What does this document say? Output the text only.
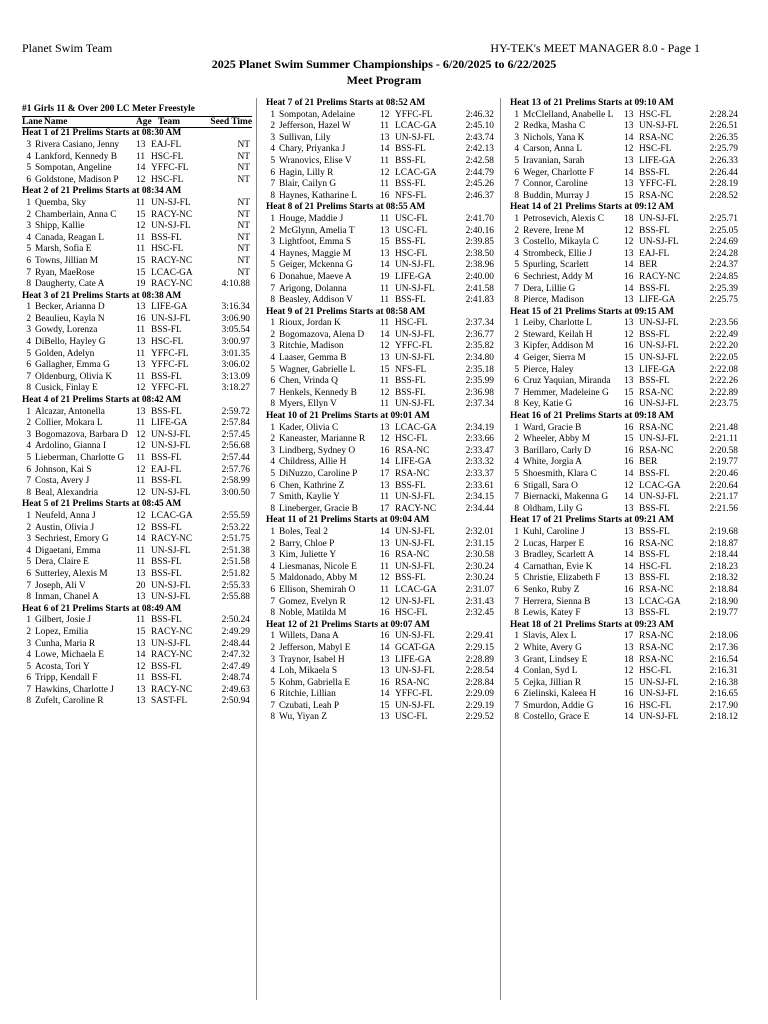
Planet Swim Team	HY-TEK's MEET MANAGER 8.0 - Page 1
2025 Planet Swim Summer Championships - 6/20/2025 to 6/22/2025
Meet Program
#1 Girls 11 & Over 200 LC Meter Freestyle
Lane Name	Age Team	Seed Time
Heat 1 of 21 Prelims Starts at 08:30 AM
3 Rivera Casiano, Jenny	13 EAJ-FL	NT
4 Lankford, Kennedy B	11 HSC-FL	NT
5 Sompotan, Angeline	14 YFFC-FL	NT
6 Goldstone, Madison P	12 HSC-FL	NT
Heat 2 of 21 Prelims Starts at 08:34 AM
1 Quemba, Sky	11 UN-SJ-FL	NT
2 Chamberlain, Anna C	15 RACY-NC	NT
3 Shipp, Kallie	12 UN-SJ-FL	NT
4 Canada, Reagan L	11 BSS-FL	NT
5 Marsh, Sofia E	11 HSC-FL	NT
6 Towns, Jillian M	15 RACY-NC	NT
7 Ryan, MaeRose	15 LCAC-GA	NT
8 Daugherty, Cate A	19 RACY-NC	4:10.88
Heat 3 of 21 Prelims Starts at 08:38 AM
1 Becker, Arianna D	13 LIFE-GA	3:16.34
2 Beaulieu, Kayla N	16 UN-SJ-FL	3:06.90
3 Gowdy, Lorenza	11 BSS-FL	3:05.54
4 DiBello, Hayley G	13 HSC-FL	3:00.97
5 Golden, Adelyn	11 YFFC-FL	3:01.35
6 Gallagher, Emma G	13 YFFC-FL	3:06.02
7 Oldenburg, Olivia K	11 BSS-FL	3:13.09
8 Cusick, Finlay E	12 YFFC-FL	3:18.27
Heat 4 of 21 Prelims Starts at 08:42 AM
1 Alcazar, Antonella	13 BSS-FL	2:59.72
2 Collier, Mokara L	11 LIFE-GA	2:57.84
3 Bogomazova, Barbara D 12 UN-SJ-FL	2:57.45
4 Ardolino, Gianna I	12 UN-SJ-FL	2:56.68
5 Lieberman, Charlotte G	11 BSS-FL	2:57.44
6 Johnson, Kai S	12 EAJ-FL	2:57.76
7 Costa, Avery J	11 BSS-FL	2:58.99
8 Beal, Alexandria	12 UN-SJ-FL	3:00.50
Heat 5 of 21 Prelims Starts at 08:45 AM
1 Neufeld, Anna J	12 LCAC-GA	2:55.59
2 Austin, Olivia J	12 BSS-FL	2:53.22
3 Sechriest, Emory G	14 RACY-NC	2:51.75
4 Digaetani, Emma	11 UN-SJ-FL	2:51.38
5 Dera, Claire E	11 BSS-FL	2:51.58
6 Sutterley, Alexis M	13 BSS-FL	2:51.82
7 Joseph, Ali V	20 UN-SJ-FL	2:55.33
8 Inman, Chanel A	13 UN-SJ-FL	2:55.88
Heat 6 of 21 Prelims Starts at 08:49 AM
1 Gilbert, Josie J	11 BSS-FL	2:50.24
2 Lopez, Emilia	15 RACY-NC	2:49.29
3 Cunha, Maria R	13 UN-SJ-FL	2:48.44
4 Lowe, Michaela E	14 RACY-NC	2:47.32
5 Acosta, Tori Y	12 BSS-FL	2:47.49
6 Tripp, Kendall F	11 BSS-FL	2:48.74
7 Hawkins, Charlotte J	13 RACY-NC	2:49.63
8 Zufelt, Caroline R	13 SAST-FL	2:50.94
Heat 7 of 21 Prelims Starts at 08:52 AM
1 Sompotan, Adelaine	12 YFFC-FL	2:46.32
2 Jefferson, Hazel W	11 LCAC-GA	2:45.10
3 Sullivan, Lily	13 UN-SJ-FL	2:43.74
4 Chary, Priyanka J	14 BSS-FL	2:42.13
5 Wranovics, Elise V	11 BSS-FL	2:42.58
6 Hagin, Lilly R	12 LCAC-GA	2:44.79
7 Blair, Cailyn G	11 BSS-FL	2:45.26
8 Haynes, Katharine L	16 NFS-FL	2:46.37
Heat 8 of 21 Prelims Starts at 08:55 AM
1 Houge, Maddie J	11 USC-FL	2:41.70
2 McGlynn, Amelia T	13 USC-FL	2:40.16
3 Lightfoot, Emma S	15 BSS-FL	2:39.85
4 Haynes, Maggie M	13 HSC-FL	2:38.50
5 Geiger, Mckenna G	14 UN-SJ-FL	2:38.96
6 Donahue, Maeve A	19 LIFE-GA	2:40.00
7 Arigong, Dolanna	11 UN-SJ-FL	2:41.58
8 Beasley, Addison V	11 BSS-FL	2:41.83
Heat 9 of 21 Prelims Starts at 08:58 AM
1 Rioux, Jordan K	11 HSC-FL	2:37.34
2 Bogomazova, Alena D	14 UN-SJ-FL	2:36.77
3 Ritchie, Madison	12 YFFC-FL	2:35.82
4 Laaser, Gemma B	13 UN-SJ-FL	2:34.80
5 Wagner, Gabrielle L	15 NFS-FL	2:35.18
6 Chen, Vrinda Q	11 BSS-FL	2:35.99
7 Henkels, Kennedy B	12 BSS-FL	2:36.98
8 Myers, Ellyn V	11 UN-SJ-FL	2:37.34
Heat 10 of 21 Prelims Starts at 09:01 AM
1 Kader, Olivia C	13 LCAC-GA	2:34.19
2 Kaneaster, Marianne R	12 HSC-FL	2:33.66
3 Lindberg, Sydney O	16 RSA-NC	2:33.47
4 Childress, Allie H	14 LIFE-GA	2:33.32
5 DiNuzzo, Caroline P	17 RSA-NC	2:33.37
6 Chen, Kathrine Z	13 BSS-FL	2:33.61
7 Smith, Kaylie Y	11 UN-SJ-FL	2:34.15
8 Lineberger, Gracie B	17 RACY-NC	2:34.44
Heat 11 of 21 Prelims Starts at 09:04 AM
1 Boles, Teal 2	14 UN-SJ-FL	2:32.01
2 Barry, Chloe P	13 UN-SJ-FL	2:31.15
3 Kim, Juliette Y	16 RSA-NC	2:30.58
4 Liesmanas, Nicole E	11 UN-SJ-FL	2:30.24
5 Maldonado, Abby M	12 BSS-FL	2:30.24
6 Ellison, Shemirah O	11 LCAC-GA	2:31.07
7 Gomez, Evelyn R	12 UN-SJ-FL	2:31.43
8 Noble, Matilda M	16 HSC-FL	2:32.45
Heat 12 of 21 Prelims Starts at 09:07 AM
1 Willets, Dana A	16 UN-SJ-FL	2:29.41
2 Jefferson, Mabyl E	14 GCAT-GA	2:29.15
3 Traynor, Isabel H	13 LIFE-GA	2:28.89
4 Loh, Mikaela S	13 UN-SJ-FL	2:28.54
5 Kohm, Gabriella E	16 RSA-NC	2:28.84
6 Ritchie, Lillian	14 YFFC-FL	2:29.09
7 Czubati, Leah P	15 UN-SJ-FL	2:29.19
8 Wu, Yiyan Z	13 USC-FL	2:29.52
Heat 13 of 21 Prelims Starts at 09:10 AM
1 McClelland, Anabelle L	13 HSC-FL	2:28.24
2 Redka, Masha C	13 UN-SJ-FL	2:26.51
3 Nichols, Yana K	14 RSA-NC	2:26.35
4 Carson, Anna L	12 HSC-FL	2:25.79
5 Iravanian, Sarah	13 LIFE-GA	2:26.33
6 Weger, Charlotte F	14 BSS-FL	2:26.44
7 Connor, Caroline	13 YFFC-FL	2:28.19
8 Buddin, Murray J	15 RSA-NC	2:28.52
Heat 14 of 21 Prelims Starts at 09:12 AM
1 Petrosevich, Alexis C	18 UN-SJ-FL	2:25.71
2 Revere, Irene M	12 BSS-FL	2:25.05
3 Costello, Mikayla C	12 UN-SJ-FL	2:24.69
4 Strombeck, Ellie J	13 EAJ-FL	2:24.28
5 Spurling, Scarlett	14 BER	2:24.37
6 Sechriest, Addy M	16 RACY-NC	2:24.85
7 Dera, Lillie G	14 BSS-FL	2:25.39
8 Pierce, Madison	13 LIFE-GA	2:25.75
Heat 15 of 21 Prelims Starts at 09:15 AM
1 Leiby, Charlotte L	13 UN-SJ-FL	2:23.56
2 Steward, Keilah H	12 BSS-FL	2:22.49
3 Kipfer, Addison M	16 UN-SJ-FL	2:22.20
4 Geiger, Sierra M	15 UN-SJ-FL	2:22.05
5 Pierce, Haley	13 LIFE-GA	2:22.08
6 Cruz Yaquian, Miranda	13 BSS-FL	2:22.26
7 Hemmer, Madeleine G	15 RSA-NC	2:22.89
8 Key, Katie G	16 UN-SJ-FL	2:23.75
Heat 16 of 21 Prelims Starts at 09:18 AM
1 Ward, Gracie B	16 RSA-NC	2:21.48
2 Wheeler, Abby M	15 UN-SJ-FL	2:21.11
3 Barillaro, Carly D	16 RSA-NC	2:20.58
4 White, Jorgia A	16 BER	2:19.77
5 Shoesmith, Klara C	14 BSS-FL	2:20.46
6 Stigall, Sara O	12 LCAC-GA	2:20.64
7 Biernacki, Makenna G	14 UN-SJ-FL	2:21.17
8 Oldham, Lily G	13 BSS-FL	2:21.56
Heat 17 of 21 Prelims Starts at 09:21 AM
1 Kuhl, Caroline J	13 BSS-FL	2:19.68
2 Lucas, Harper E	16 RSA-NC	2:18.87
3 Bradley, Scarlett A	14 BSS-FL	2:18.44
4 Carnathan, Evie K	14 HSC-FL	2:18.23
5 Christie, Elizabeth F	13 BSS-FL	2:18.32
6 Senko, Ruby Z	16 RSA-NC	2:18.84
7 Herrera, Sienna B	13 LCAC-GA	2:18.90
8 Lewis, Katey F	13 BSS-FL	2:19.77
Heat 18 of 21 Prelims Starts at 09:23 AM
1 Slavis, Alex L	17 RSA-NC	2:18.06
2 White, Avery G	13 RSA-NC	2:17.36
3 Grant, Lindsey E	18 RSA-NC	2:16.54
4 Conlan, Syd L	12 HSC-FL	2:16.31
5 Cejka, Jillian R	15 UN-SJ-FL	2:16.38
6 Zielinski, Kaleea H	16 UN-SJ-FL	2:16.65
7 Smurdon, Addie G	16 HSC-FL	2:17.90
8 Costello, Grace E	14 UN-SJ-FL	2:18.12
